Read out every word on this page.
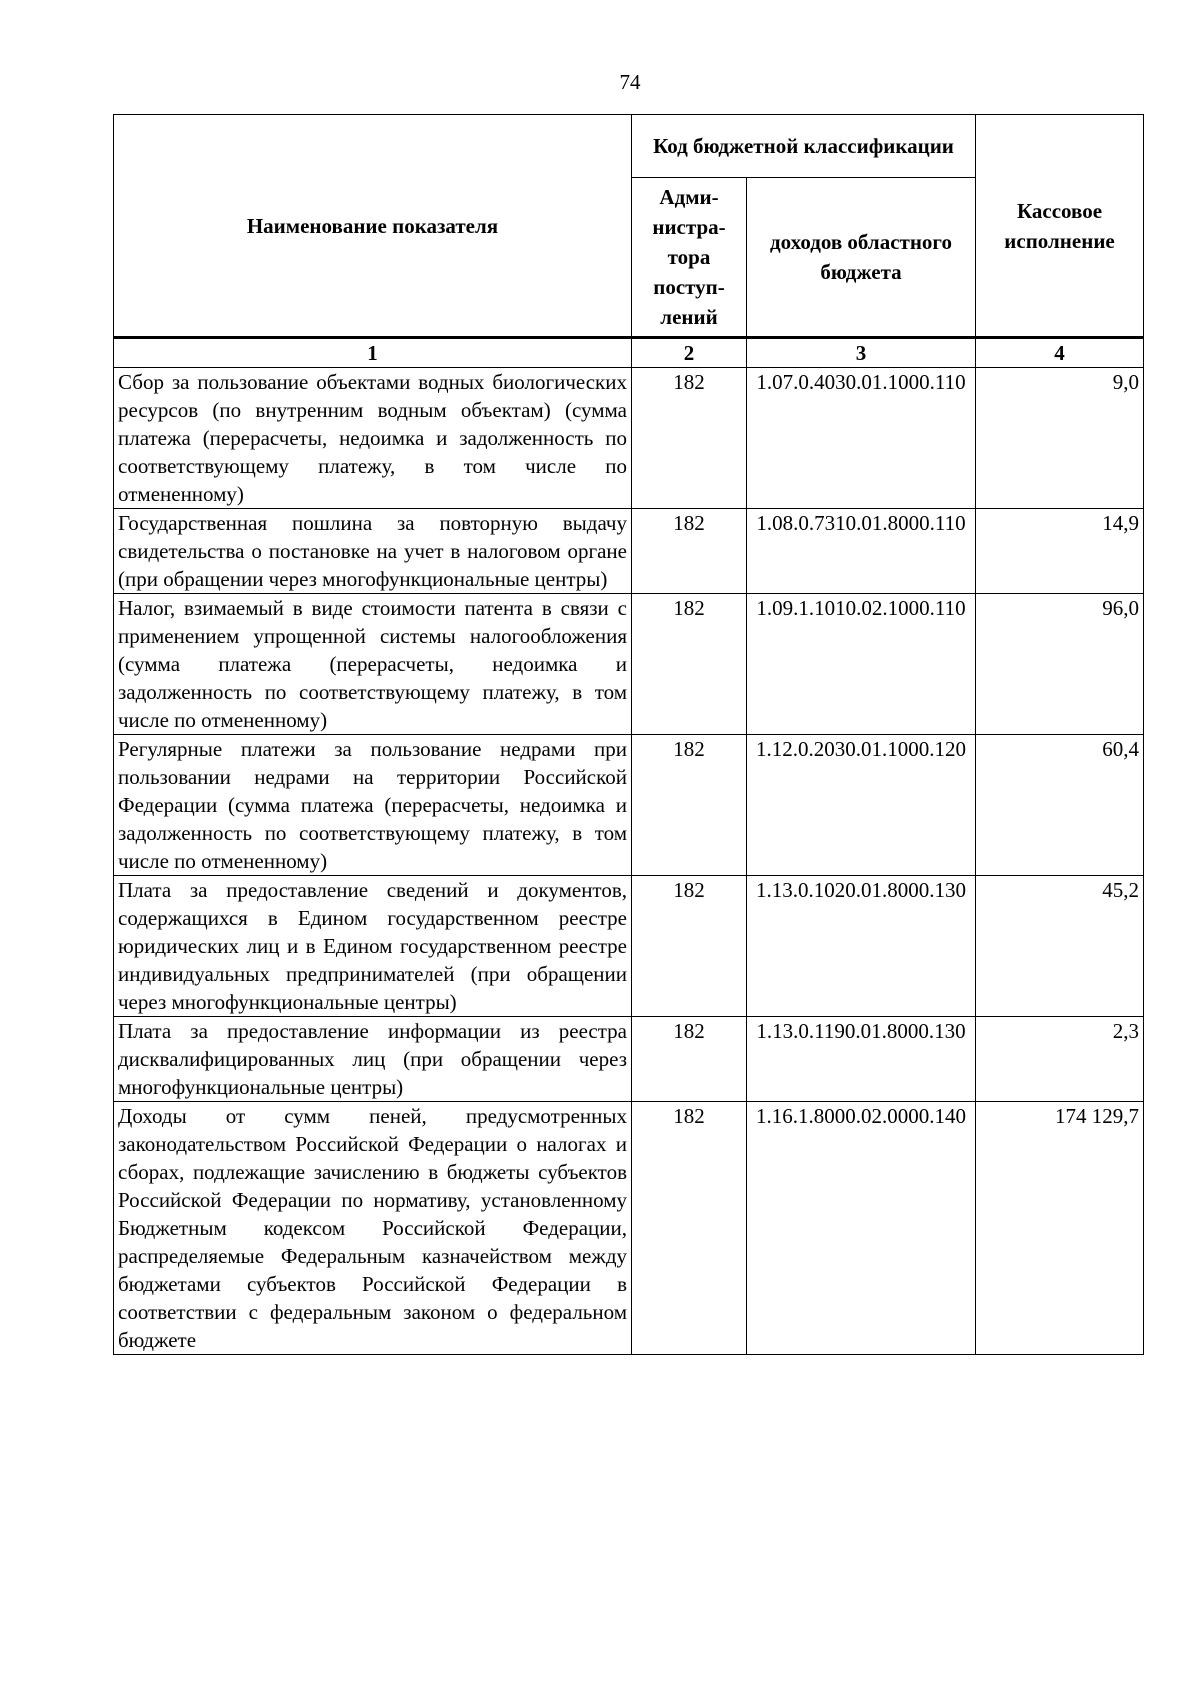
74
Наименование показателя	Код бюджетной классификации		Кассовое исполнение
	Адми-нистра-тора поступ-лений	доходов областного бюджета	
1	2	3	4
Сбор за пользование объектами водных биологических ресурсов (по внутренним водным объектам) (сумма платежа (перерасчеты, недоимка и задолженность по соответствующему платежу, в том числе по отмененному)	182	1.07.0.4030.01.1000.110	9,0
Государственная пошлина за повторную выдачу свидетельства о постановке на учет в налоговом органе (при обращении через многофункциональные центры)	182	1.08.0.7310.01.8000.110	14,9
Налог, взимаемый в виде стоимости патента в связи с применением упрощенной системы налогообложения (сумма платежа (перерасчеты, недоимка и задолженность по соответствующему платежу, в том числе по отмененному)	182	1.09.1.1010.02.1000.110	96,0
Регулярные платежи за пользование недрами при пользовании недрами на территории Российской Федерации (сумма платежа (перерасчеты, недоимка и задолженность по соответствующему платежу, в том числе по отмененному)	182	1.12.0.2030.01.1000.120	60,4
Плата за предоставление сведений и документов, содержащихся в Едином государственном реестре юридических лиц и в Едином государственном реестре индивидуальных предпринимателей (при обращении через многофункциональные центры)	182	1.13.0.1020.01.8000.130	45,2
Плата за предоставление информации из реестра дисквалифицированных лиц (при обращении через многофункциональные центры)	182	1.13.0.1190.01.8000.130	2,3
Доходы от сумм пеней, предусмотренных законодательством Российской Федерации о налогах и сборах, подлежащие зачислению в бюджеты субъектов Российской Федерации по нормативу, установленному Бюджетным кодексом Российской Федерации, распределяемые Федеральным казначейством между бюджетами субъектов Российской Федерации в соответствии с федеральным законом о федеральном бюджете	182	1.16.1.8000.02.0000.140	174 129,7
